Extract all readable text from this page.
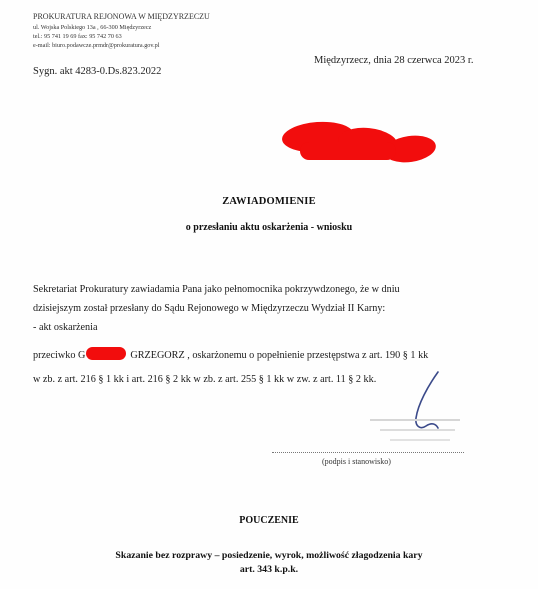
PROKURATURA REJONOWA W MIĘDZYRZECZU
ul. Wojska Polskiego 13a , 66-300 Międzyrzecz
tel.: 95 741 19 69 fax: 95 742 70 63
e-mail: biuro.podawcze.prmdr@prokuratura.gov.pl
Sygn. akt 4283-0.Ds.823.2022
Międzyrzecz, dnia 28 czerwca 2023 r.
ZAWIADOMIENIE
o przesłaniu aktu oskarżenia - wniosku
Sekretariat Prokuratury zawiadamia Pana jako pełnomocnika pokrzywdzonego, że w dniu
dzisiejszym został przesłany do Sądu Rejonowego w Międzyrzeczu Wydział II Karny:
- akt oskarżenia
przeciwko G	GRZEGORZ , oskarżonemu o popełnienie przestępstwa z art. 190 § 1 kk
w zb. z art. 216 § 1 kk i art. 216 § 2 kk w zb. z art. 255 § 1 kk w zw. z art. 11 § 2 kk.
(podpis i stanowisko)
POUCZENIE
Skazanie bez rozprawy – posiedzenie, wyrok, możliwość złagodzenia kary
art. 343 k.p.k.
